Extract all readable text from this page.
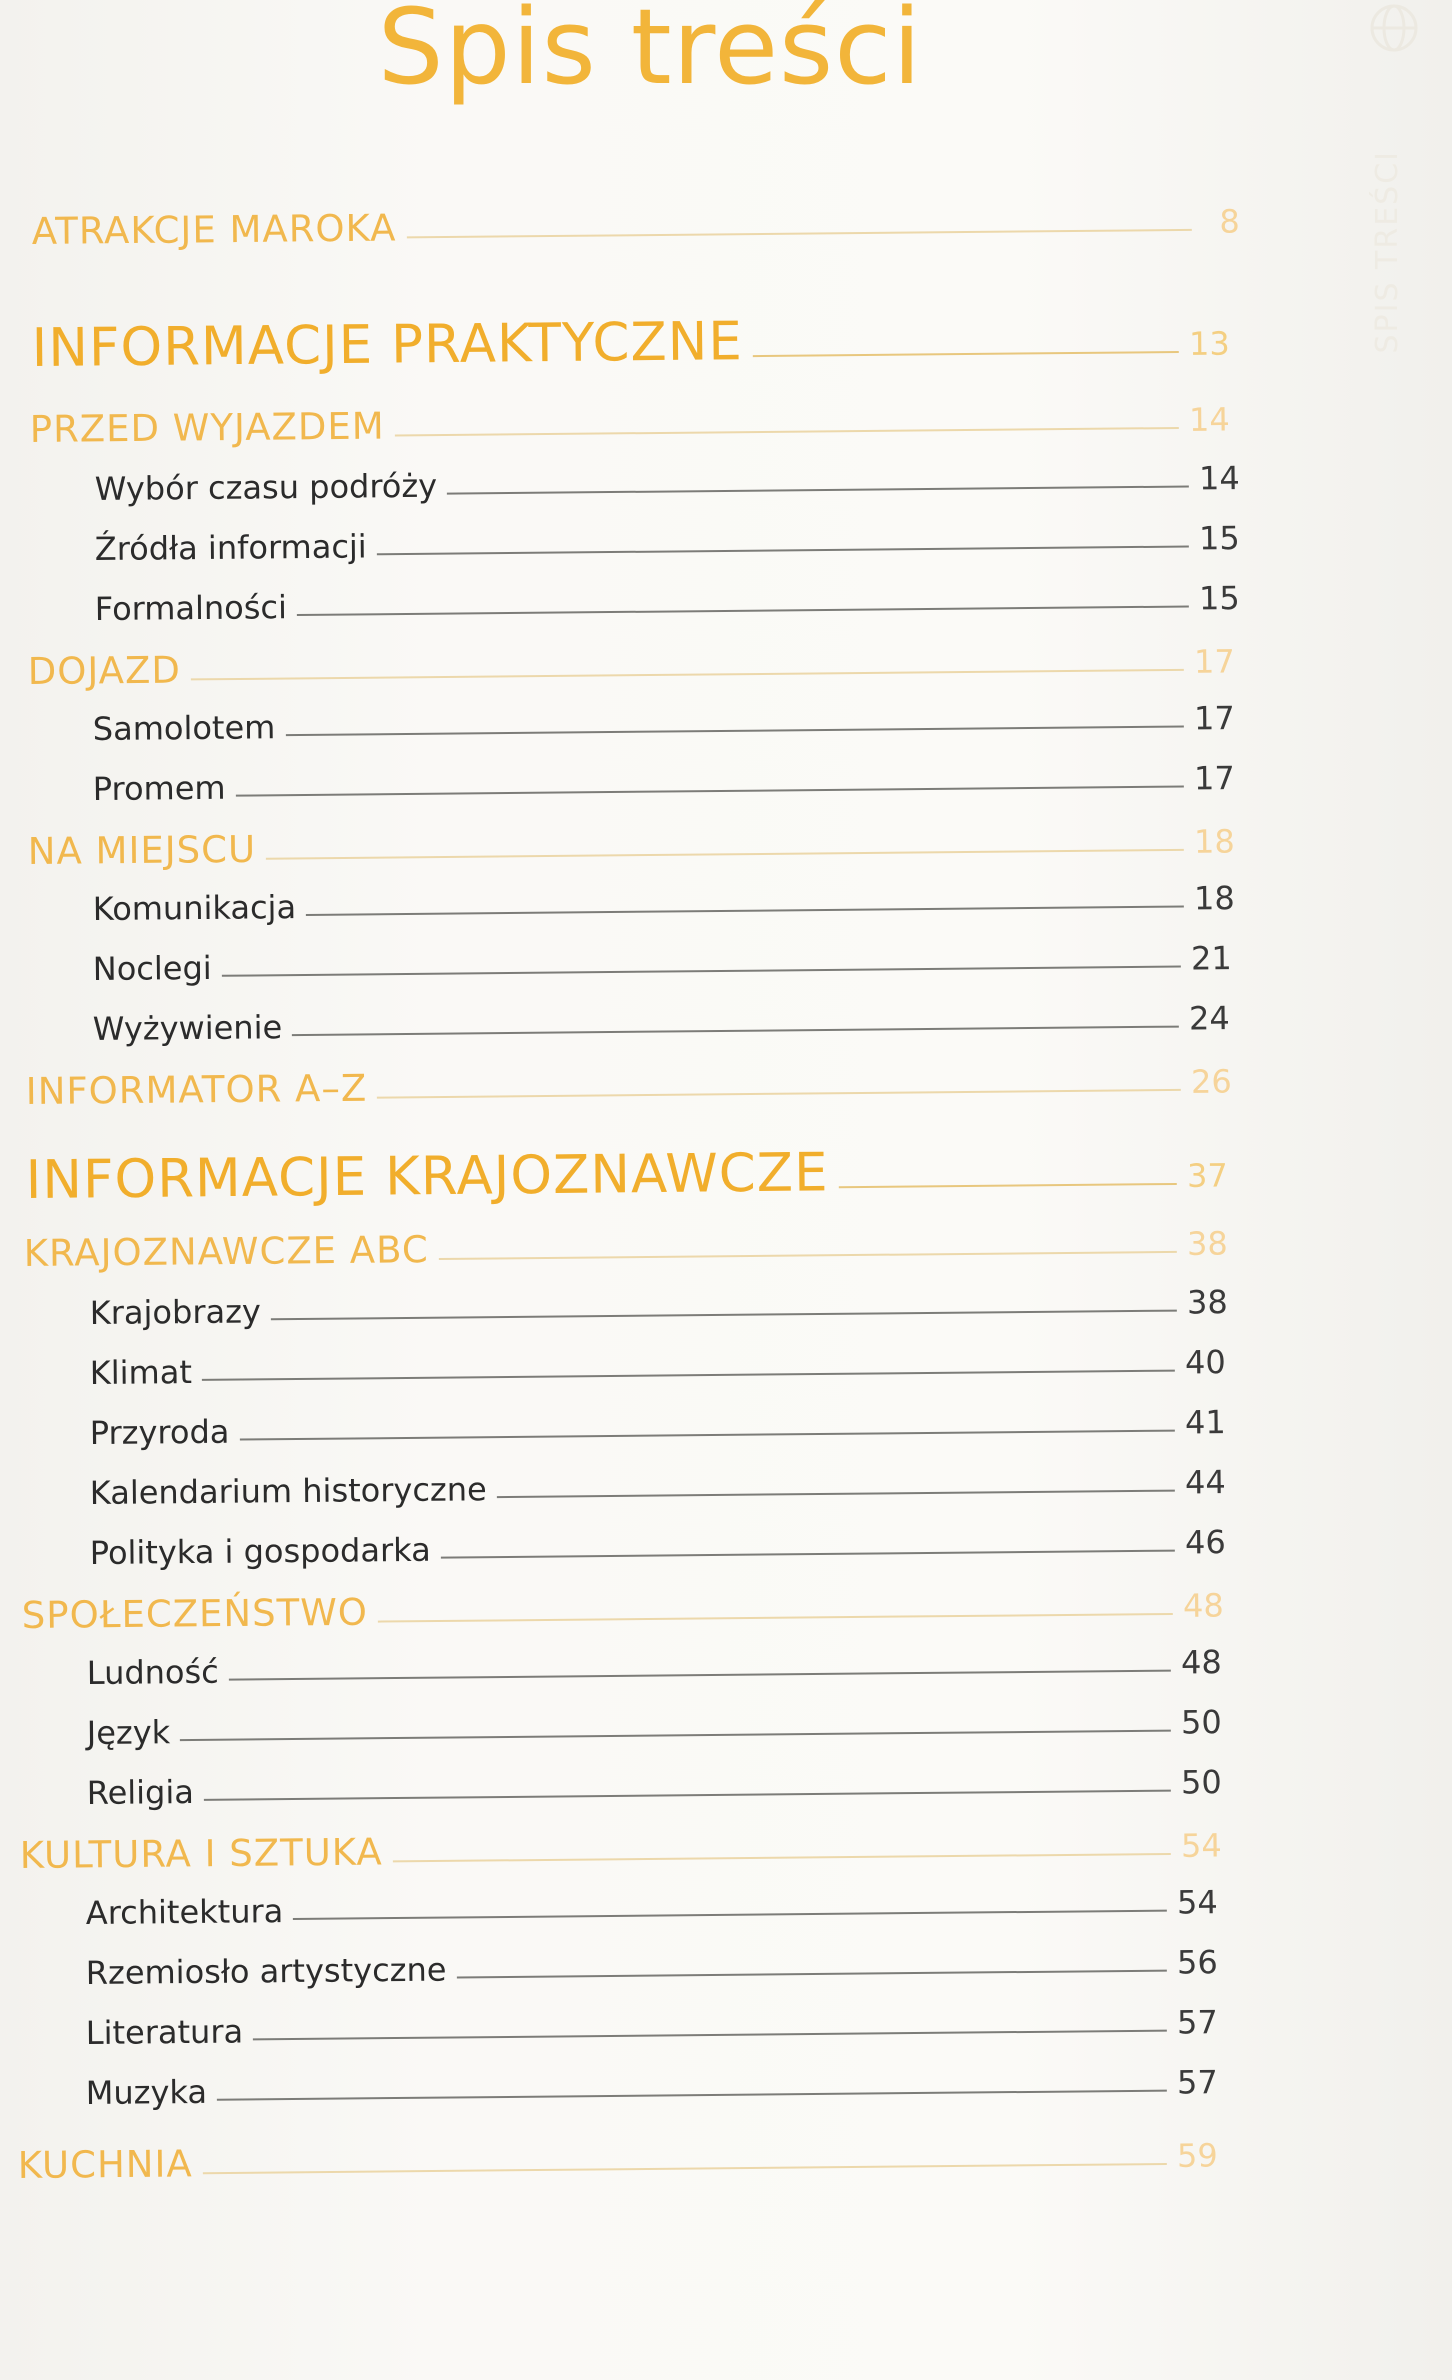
Spis treści
SPIS TREŚCI
ATRAKCJE MAROKA	8
INFORMACJE PRAKTYCZNE	13
PRZED WYJAZDEM	14
Wybór czasu podróży	14
Źródła informacji	15
Formalności	15
DOJAZD	17
Samolotem	17
Promem	17
NA MIEJSCU	18
Komunikacja	18
Noclegi	21
Wyżywienie	24
INFORMATOR A–Z	26
INFORMACJE KRAJOZNAWCZE	37
KRAJOZNAWCZE ABC	38
Krajobrazy	38
Klimat	40
Przyroda	41
Kalendarium historyczne	44
Polityka i gospodarka	46
SPOŁECZEŃSTWO	48
Ludność	48
Język	50
Religia	50
KULTURA I SZTUKA	54
Architektura	54
Rzemiosło artystyczne	56
Literatura	57
Muzyka	57
KUCHNIA	59
